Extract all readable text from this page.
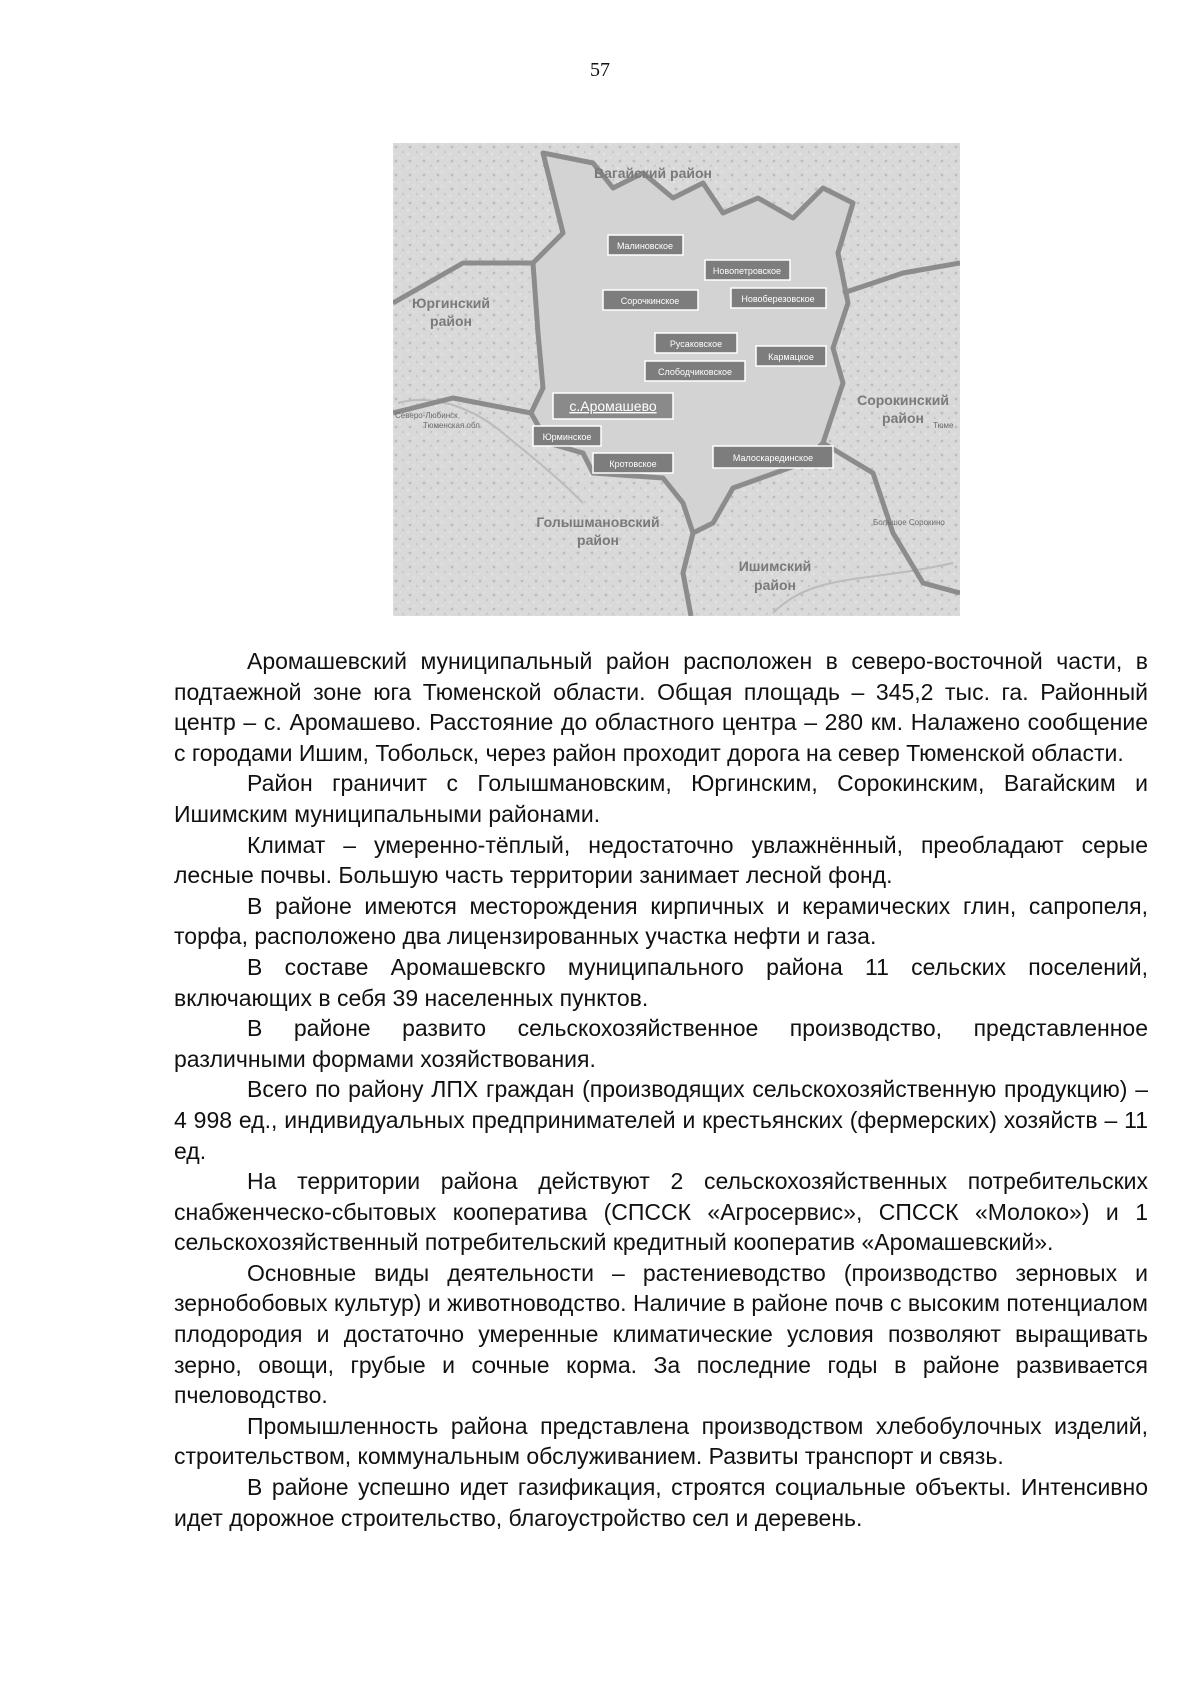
57
Вагайский район
Юргинский
район
Сорокинский
район
Голышмановский
район
Ишимский
район
Северо-Любинск
Тюменская обл
Большое Сорокино
Тюме
Малиновское
Новопетровское
Сорочкинское	Новоберезовское
Русаковское
Кармацкое
Слободчиковское
с.Аромашево
Юрминское
Кротовское
Малоскарединское

Аромашевский муниципальный район расположен в северо-восточной части, в подтаежной зоне юга Тюменской области. Общая площадь – 345,2 тыс. га. Районный центр – с. Аромашево. Расстояние до областного центра – 280 км. Налажено сообщение с городами Ишим, Тобольск, через район проходит дорога на север Тюменской области.

Район граничит с Голышмановским, Юргинским, Сорокинским, Вагайским и Ишимским муниципальными районами.

Климат – умеренно-тёплый, недостаточно увлажнённый, преобладают серые лесные почвы. Большую часть территории занимает лесной фонд.

В районе имеются месторождения кирпичных и керамических глин, сапропеля, торфа, расположено два лицензированных участка нефти и газа.

В составе Аромашевскго муниципального района 11 сельских поселений, включающих в себя 39 населенных пунктов.

В районе развито сельскохозяйственное производство, представленное различными формами хозяйствования.

Всего по району ЛПХ граждан (производящих сельскохозяйственную продукцию) – 4 998 ед., индивидуальных предпринимателей и крестьянских (фермерских) хозяйств – 11 ед.

На территории района действуют 2 сельскохозяйственных потребительских снабженческо-сбытовых кооператива (СПССК «Агросервис», СПССК «Молоко») и 1 сельскохозяйственный потребительский кредитный кооператив «Аромашевский».

Основные виды деятельности – растениеводство (производство зерновых и зернобобовых культур) и животноводство. Наличие в районе почв с высоким потенциалом плодородия и достаточно умеренные климатические условия позволяют выращивать зерно, овощи, грубые и сочные корма. За последние годы в районе развивается пчеловодство.

Промышленность района представлена производством хлебобулочных изделий, строительством, коммунальным обслуживанием. Развиты транспорт и связь.

В районе успешно идет газификация, строятся социальные объекты. Интенсивно идет дорожное строительство, благоустройство сел и деревень.
